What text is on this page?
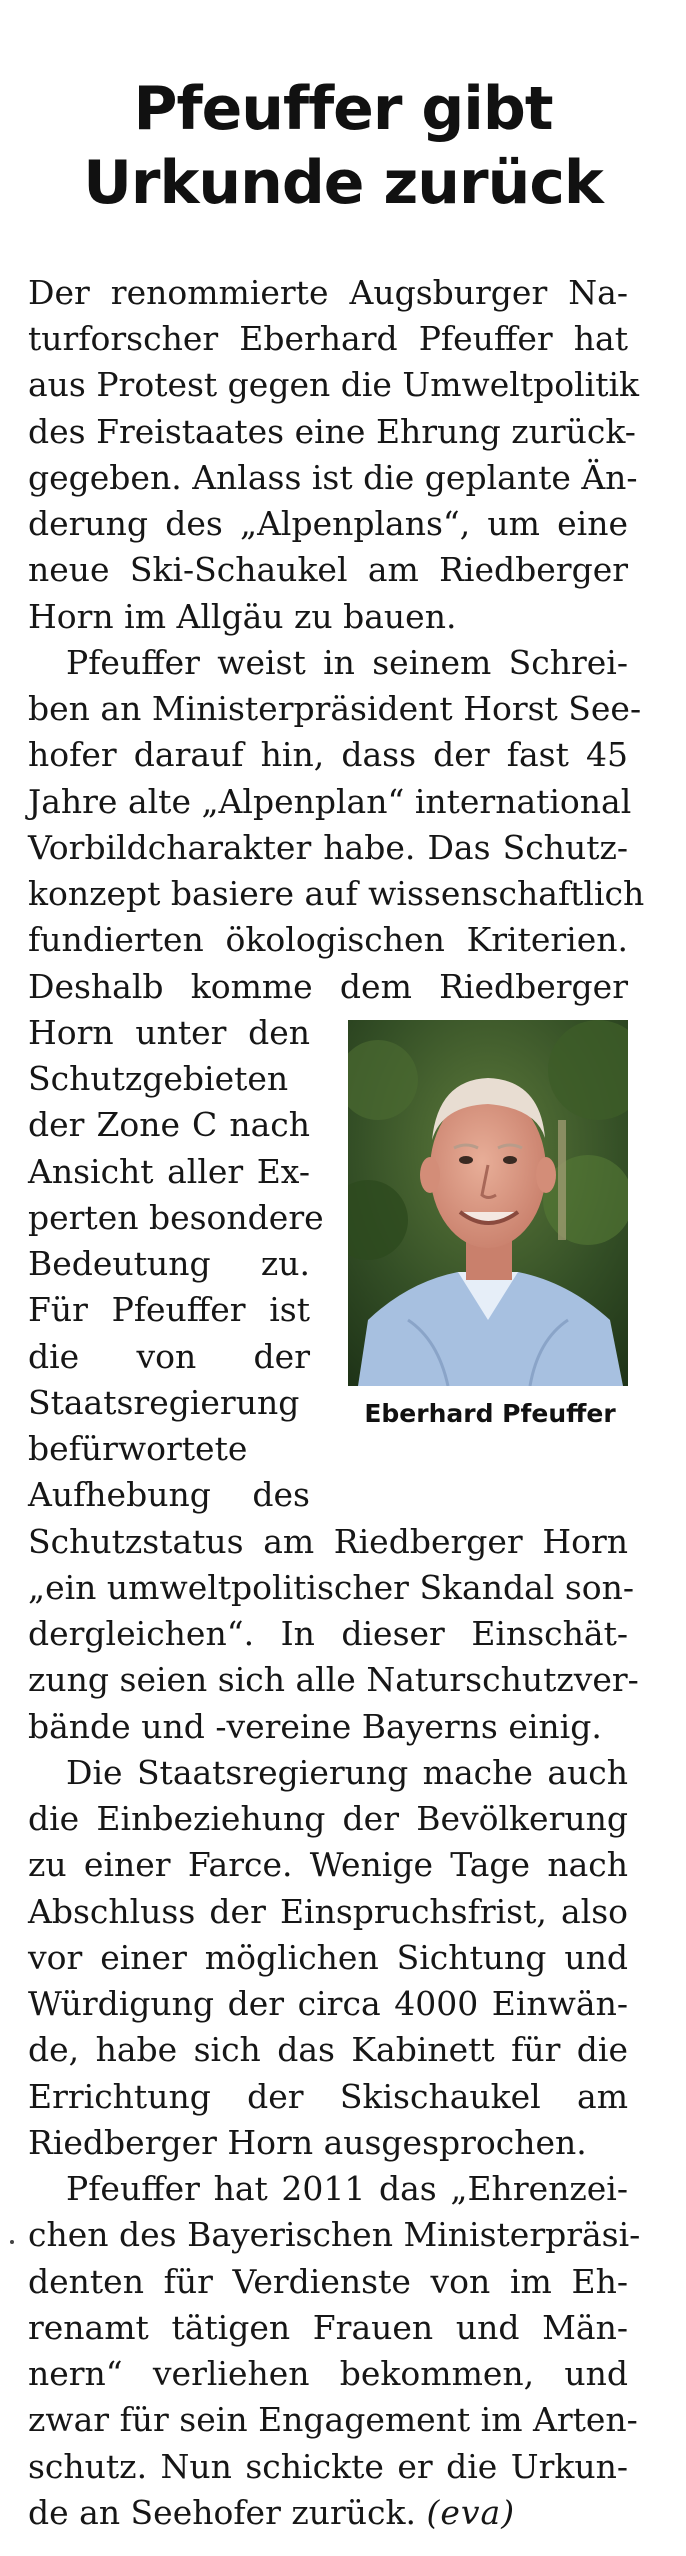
Pfeuffer gibt
Urkunde zurück
Der renommierte Augsburger Na-
turforscher Eberhard Pfeuffer hat
aus Protest gegen die Umweltpolitik
des Freistaates eine Ehrung zurück-
gegeben. Anlass ist die geplante Än-
derung des „Alpenplans“, um eine
neue Ski-Schaukel am Riedberger
Horn im Allgäu zu bauen.
Pfeuffer weist in seinem Schrei-
ben an Ministerpräsident Horst See-
hofer darauf hin, dass der fast 45
Jahre alte „Alpenplan“ international
Vorbildcharakter habe. Das Schutz-
konzept basiere auf wissenschaftlich
fundierten ökologischen Kriterien.
Deshalb komme dem Riedberger
Horn unter den
Schutzgebieten
der Zone C nach
Ansicht aller Ex-
perten besondere
Bedeutung zu.
Für Pfeuffer ist
die von der
Staatsregierung
befürwortete
Aufhebung des
Schutzstatus am Riedberger Horn
„ein umweltpolitischer Skandal son-
dergleichen“. In dieser Einschät-
zung seien sich alle Naturschutzver-
bände und -vereine Bayerns einig.
Die Staatsregierung mache auch
die Einbeziehung der Bevölkerung
zu einer Farce. Wenige Tage nach
Abschluss der Einspruchsfrist, also
vor einer möglichen Sichtung und
Würdigung der circa 4000 Einwän-
de, habe sich das Kabinett für die
Errichtung der Skischaukel am
Riedberger Horn ausgesprochen.
Pfeuffer hat 2011 das „Ehrenzei-
chen des Bayerischen Ministerpräsi-
denten für Verdienste von im Eh-
renamt tätigen Frauen und Män-
nern“ verliehen bekommen, und
zwar für sein Engagement im Arten-
schutz. Nun schickte er die Urkun-
de an Seehofer zurück. (eva)
Eberhard Pfeuffer
